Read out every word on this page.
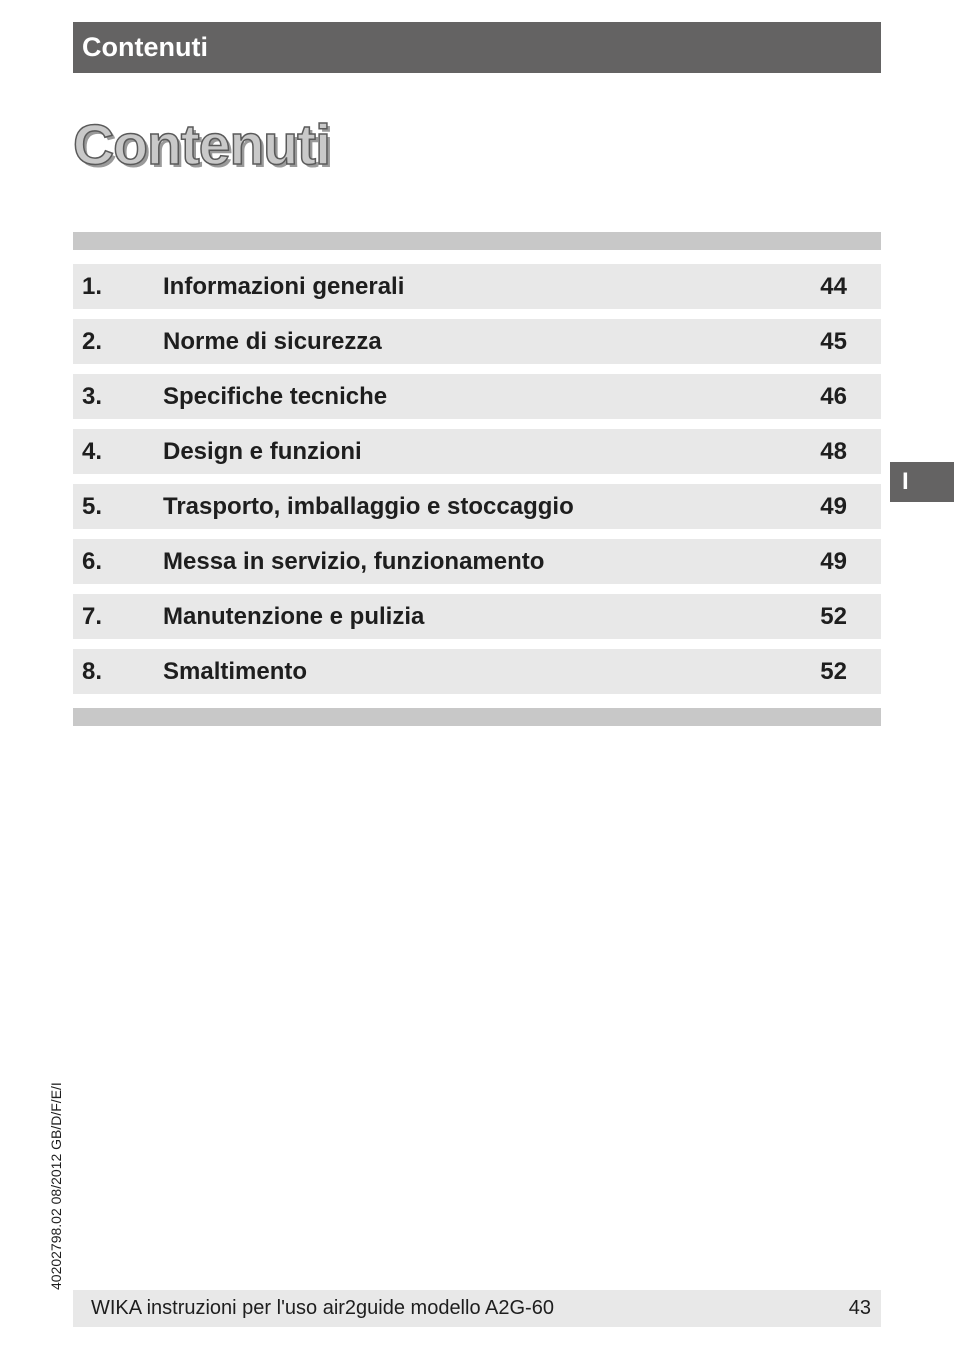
Contenuti
Contenuti
1.	Informazioni generali	44
2.	Norme di sicurezza	45
3.	Specifiche tecniche	46
4.	Design e funzioni	48
5.	Trasporto, imballaggio e stoccaggio	49
6.	Messa in servizio, funzionamento	49
7.	Manutenzione e pulizia	52
8.	Smaltimento	52
I
40202798.02 08/2012 GB/D/F/E/I
WIKA instruzioni per l'uso air2guide modello A2G-60	43
